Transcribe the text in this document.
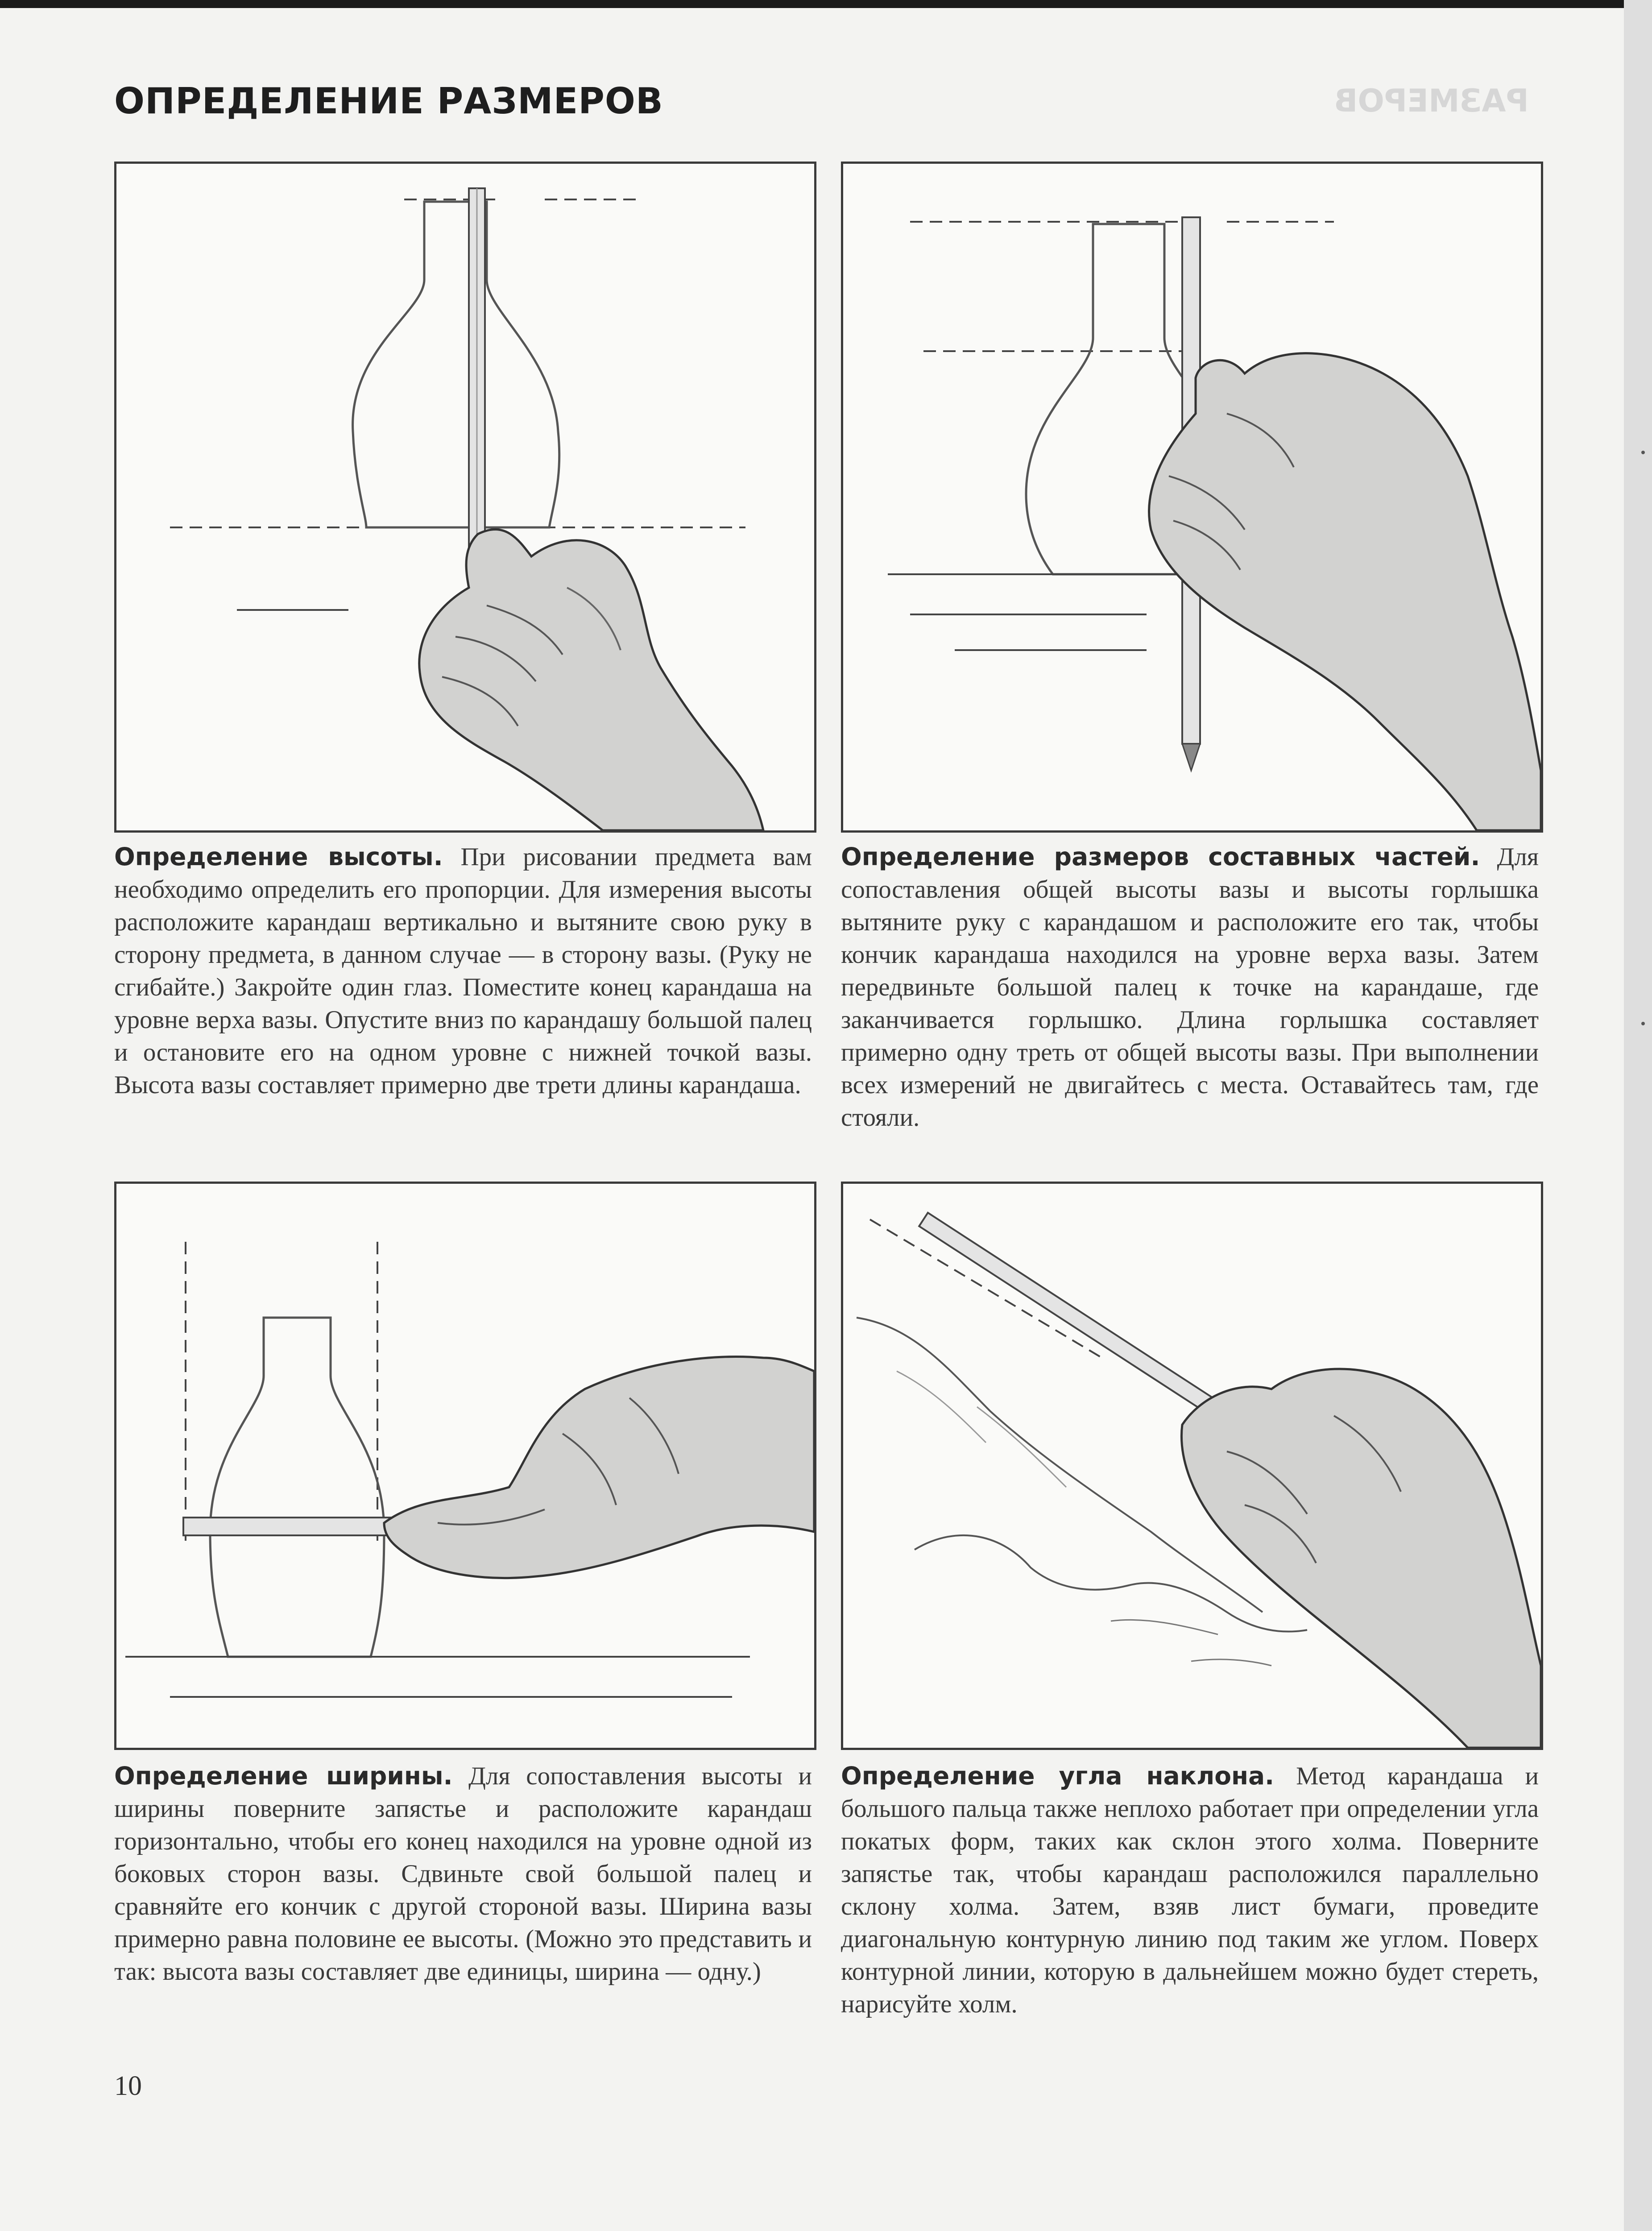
ОПРЕДЕЛЕНИЕ РАЗМЕРОВ	РАЗМЕРОВ
Определение высоты. При рисовании предмета вам необходимо определить его пропорции. Для измерения высоты расположите карандаш вертикально и вытяните свою руку в сторону предмета, в данном случае — в сторону вазы. (Руку не сгибайте.) Закройте один глаз. Поместите конец карандаша на уровне верха вазы. Опустите вниз по карандашу большой палец и остановите его на одном уровне с нижней точкой вазы. Высота вазы составляет примерно две трети длины карандаша.
Определение размеров составных частей. Для сопоставления общей высоты вазы и высоты горлышка вытяните руку с карандашом и расположите его так, чтобы кончик карандаша находился на уровне верха вазы. Затем передвиньте большой палец к точке на карандаше, где заканчивается горлышко. Длина горлышка составляет примерно одну треть от общей высоты вазы. При выполнении всех измерений не двигайтесь с места. Оставайтесь там, где стояли.
Определение ширины. Для сопоставления высоты и ширины поверните запястье и расположите карандаш горизонтально, чтобы его конец находился на уровне одной из боковых сторон вазы. Сдвиньте свой большой палец и сравняйте его кончик с другой стороной вазы. Ширина вазы примерно равна половине ее высоты. (Можно это представить и так: высота вазы составляет две единицы, ширина — одну.)
Определение угла наклона. Метод карандаша и большого пальца также неплохо работает при определении угла покатых форм, таких как склон этого холма. Поверните запястье так, чтобы карандаш расположился параллельно склону холма. Затем, взяв лист бумаги, проведите диагональную контурную линию под таким же углом. Поверх контурной линии, которую в дальнейшем можно будет стереть, нарисуйте холм.
10
